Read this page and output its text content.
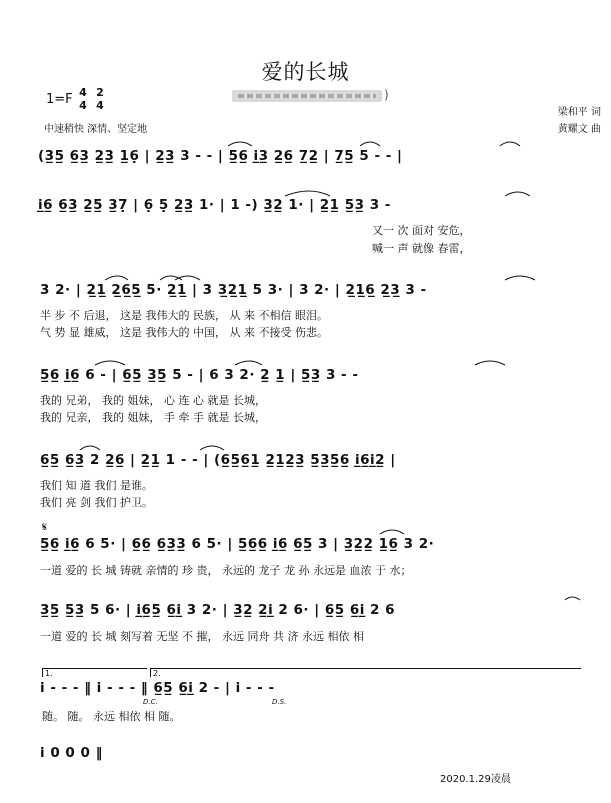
爱的长城
1=F 4
4
2
4
中速稍快 深情、坚定地
)
梁和平 词
黄耀文 曲
(3̲5̲ 6̲3̲ 2̲3̲ 1̲6̣ | 2̲3̲ 3 - - | 5̲6̲ i̲3̲ 2̲6̲ 7̲2̲ | 7̲5̲ 5 - - |
i̲6̲ 6̲3̲ 2̲5̲ 3̲7̣ | 6̣ 5̣ 2̲3̲ 1· | 1 -) 3̲2̲ 1· | 2̲1̲ 5̲3̲ 3 -
又一 次 面对 安危，
喊一 声 就像 春雷，
3 2· | 2̲1̲ 2̲6̲5̲ 5· 2̲1̲ | 3 3̲2̲1̲ 5 3· | 3 2· | 2̲1̲6̲ 2̲3̲ 3 -
半 步 不 后退， 这是 我伟大的 民族， 从 来 不相信 眼泪。
气 势 显 雄威， 这是 我伟大的 中国， 从 来 不接受 伤悲。
5̲6̲ i̲6̲ 6 - | 6̲5̲ 3̲5̲ 5 - | 6 3 2· 2̲ 1̲ | 5̲3̲ 3 - -
我的 兄弟， 我的 姐妹， 心 连 心 就是 长城，
我的 兄亲， 我的 姐妹， 手 牵 手 就是 长城，
6̲5̲ 6̲3̲ 2 2̲6̲ | 2̲1̲ 1 - - | (6̲5̲6̲1̲ 2̲1̲2̲3̲ 5̲3̲5̲6̲ i̲6̲i̲2̲ |
我们 知 道 我们 是谁。
我们 亮 剑 我们 护卫。
𝄋
5̲6̲ i̲6̲ 6 5· | 6̲6̲ 6̲3̲3̲ 6 5· | 5̲6̲6̲ i̲6̲ 6̲5̲ 3 | 3̲2̲2̲ 1̲6̲ 3 2·
一道 爱的 长 城 铸就 亲情的 珍 贵， 永远的 龙子 龙 孙 永远是 血浓 于 水；
3̲5̲ 5̲3̲ 5 6· | i̲6̲5̲ 6̲i̲ 3 2· | 3̲2̲ 2̲i̲ 2 6· | 6̲5̲ 6̲i̲ 2 6
一道 爱的 长 城 刻写着 无坚 不 摧， 永远 同舟 共 济 永远 相依 相
1.	2.
i - - - ‖ i - - - ‖ 6̲5̲ 6̲i̲ 2 - | i - - -
D.C.	D.S.
随。 随。 永远 相依 相 随。
i 0 0 0 ‖
2020.1.29凌晨
